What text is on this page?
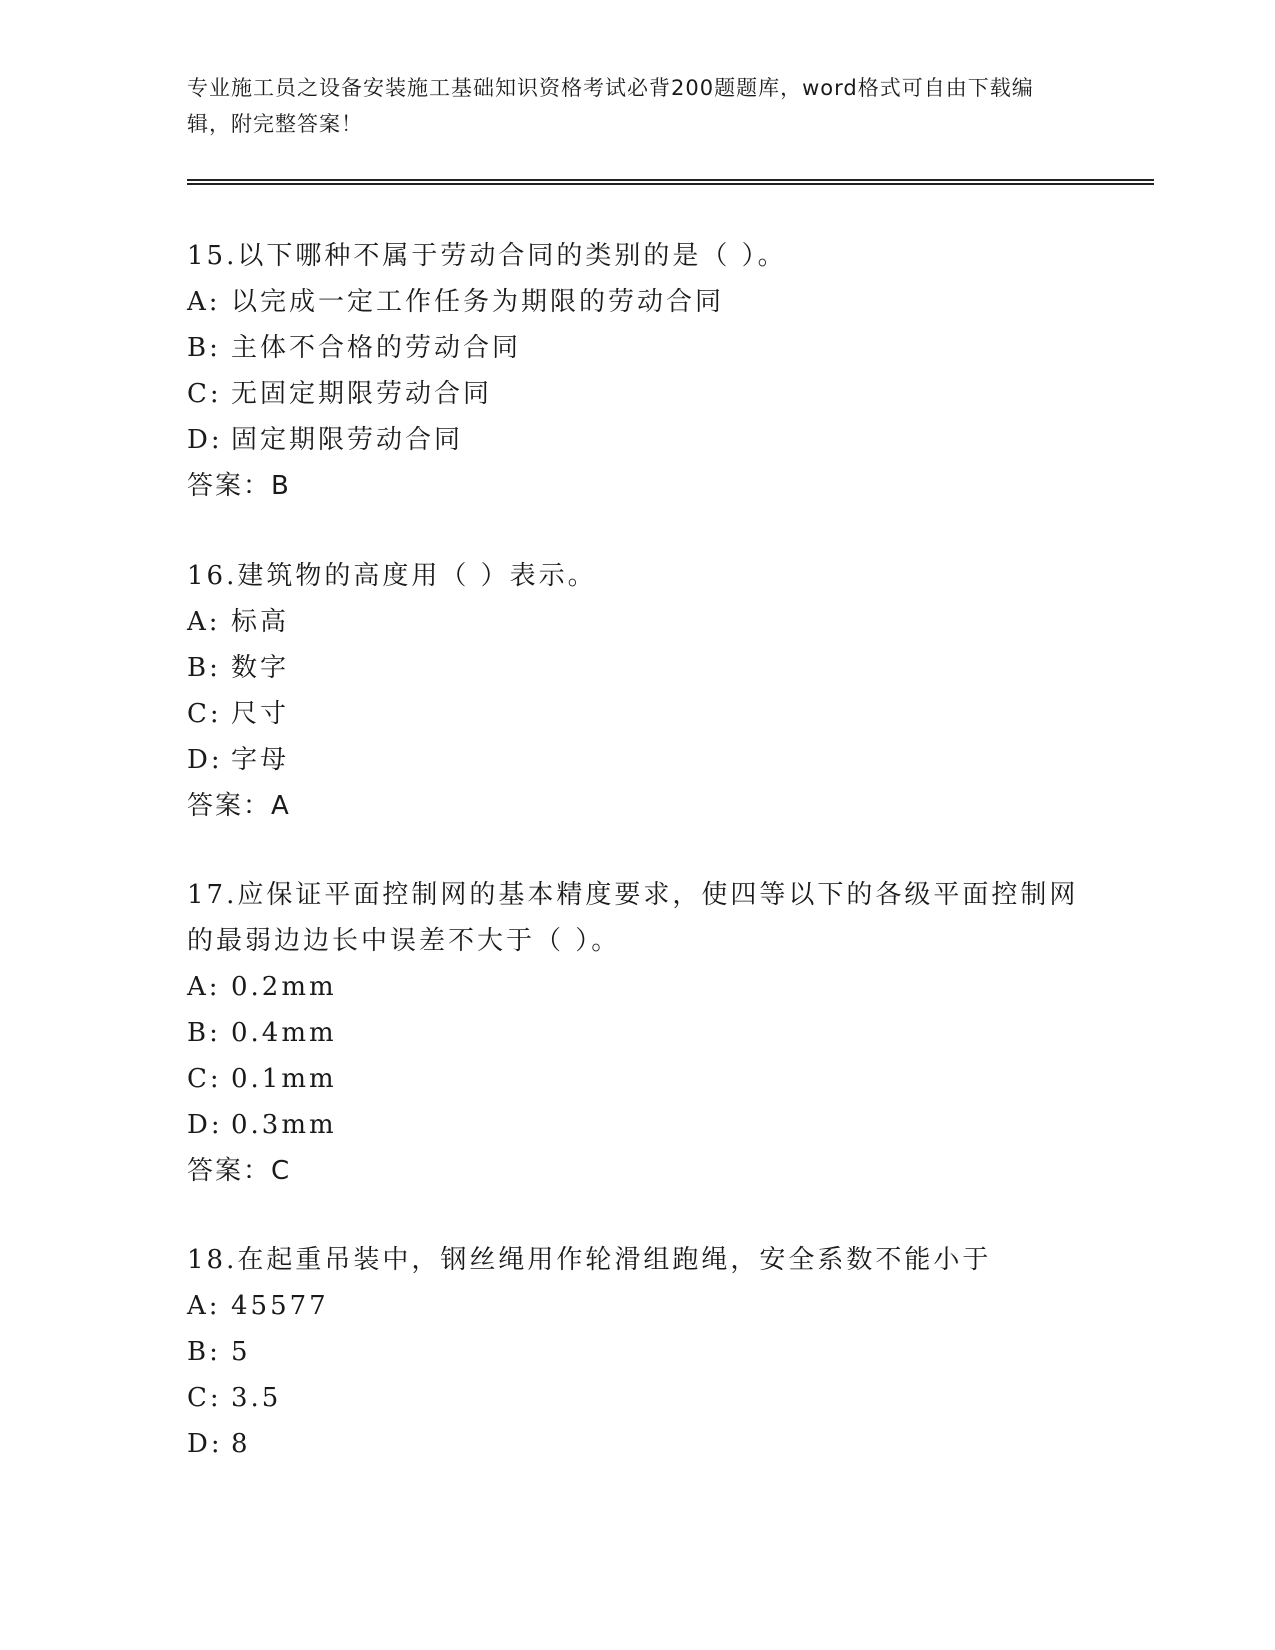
专业施工员之设备安装施工基础知识资格考试必背200题题库，word格式可自由下载编辑，附完整答案！

15.以下哪种不属于劳动合同的类别的是（ ）。

A: 以完成一定工作任务为期限的劳动合同
B: 主体不合格的劳动合同
C: 无固定期限劳动合同
D: 固定期限劳动合同
答案：B

16.建筑物的高度用（ ）表示。

A: 标高
B: 数字
C: 尺寸
D: 字母
答案：A

17.应保证平面控制网的基本精度要求，使四等以下的各级平面控制网的最弱边边长中误差不大于（ ）。

A: 0.2mm
B: 0.4mm
C: 0.1mm
D: 0.3mm
答案：C

18.在起重吊装中，钢丝绳用作轮滑组跑绳，安全系数不能小于

A: 45577
B: 5
C: 3.5
D: 8
